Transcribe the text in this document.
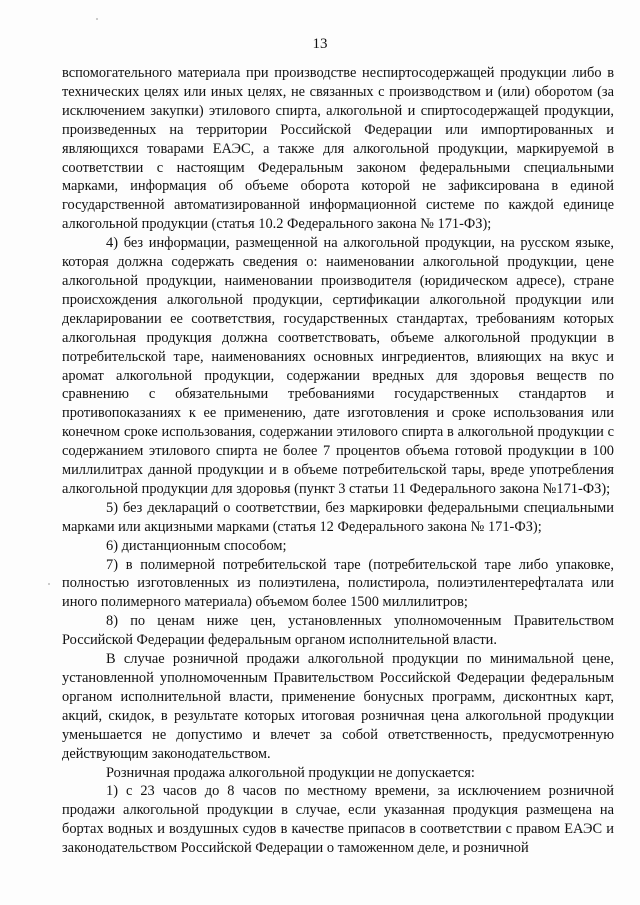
13

вспомогательного материала при производстве неспиртосодержащей продукции либо в технических целях или иных целях, не связанных с производством и (или) оборотом (за исключением закупки) этилового спирта, алкогольной и спиртосодержащей продукции, произведенных на территории Российской Федерации или импортированных и являющихся товарами ЕАЭС, а также для алкогольной продукции, маркируемой в соответствии с настоящим Федеральным законом федеральными специальными марками, информация об объеме оборота которой не зафиксирована в единой государственной автоматизированной информационной системе по каждой единице алкогольной продукции (статья 10.2 Федерального закона № 171-ФЗ);

4) без информации, размещенной на алкогольной продукции, на русском языке, которая должна содержать сведения о: наименовании алкогольной продукции, цене алкогольной продукции, наименовании производителя (юридическом адресе), стране происхождения алкогольной продукции, сертификации алкогольной продукции или декларировании ее соответствия, государственных стандартах, требованиям которых алкогольная продукция должна соответствовать, объеме алкогольной продукции в потребительской таре, наименованиях основных ингредиентов, влияющих на вкус и аромат алкогольной продукции, содержании вредных для здоровья веществ по сравнению с обязательными требованиями государственных стандартов и противопоказаниях к ее применению, дате изготовления и сроке использования или конечном сроке использования, содержании этилового спирта в алкогольной продукции с содержанием этилового спирта не более 7 процентов объема готовой продукции в 100 миллилитрах данной продукции и в объеме потребительской тары, вреде употребления алкогольной продукции для здоровья (пункт 3 статьи 11 Федерального закона №171-ФЗ);

5) без деклараций о соответствии, без маркировки федеральными специальными марками или акцизными марками (статья 12 Федерального закона № 171-ФЗ);

6) дистанционным способом;

7) в полимерной потребительской таре (потребительской таре либо упаковке, полностью изготовленных из полиэтилена, полистирола, полиэтилентерефталата или иного полимерного материала) объемом более 1500 миллилитров;

8) по ценам ниже цен, установленных уполномоченным Правительством Российской Федерации федеральным органом исполнительной власти.

В случае розничной продажи алкогольной продукции по минимальной цене, установленной уполномоченным Правительством Российской Федерации федеральным органом исполнительной власти, применение бонусных программ, дисконтных карт, акций, скидок, в результате которых итоговая розничная цена алкогольной продукции уменьшается не допустимо и влечет за собой ответственность, предусмотренную действующим законодательством.

Розничная продажа алкогольной продукции не допускается:

1) с 23 часов до 8 часов по местному времени, за исключением розничной продажи алкогольной продукции в случае, если указанная продукция размещена на бортах водных и воздушных судов в качестве припасов в соответствии с правом ЕАЭС и законодательством Российской Федерации о таможенном деле, и розничной
